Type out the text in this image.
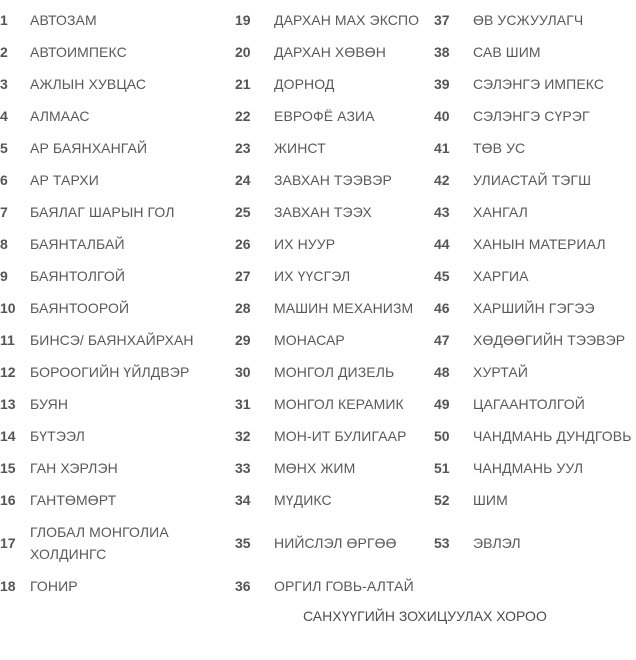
1	АВТОЗАМ	19	ДАРХАН МАХ ЭКСПО	37	ӨВ УСЖУУЛАГЧ
2	АВТОИМПЕКС	20	ДАРХАН ХӨВӨН	38	САВ ШИМ
3	АЖЛЫН ХУВЦАС	21	ДОРНОД	39	СЭЛЭНГЭ ИМПЕКС
4	АЛМААС	22	ЕВРОФЁ АЗИА	40	СЭЛЭНГЭ СҮРЭГ
5	АР БАЯНХАНГАЙ	23	ЖИНСТ	41	ТӨВ УС
6	АР ТАРХИ	24	ЗАВХАН ТЭЭВЭР	42	УЛИАСТАЙ ТЭГШ
7	БАЯЛАГ ШАРЫН ГОЛ	25	ЗАВХАН ТЭЭХ	43	ХАНГАЛ
8	БАЯНТАЛБАЙ	26	ИХ НУУР	44	ХАНЫН МАТЕРИАЛ
9	БАЯНТОЛГОЙ	27	ИХ ҮҮСГЭЛ	45	ХАРГИА
10	БАЯНТООРОЙ	28	МАШИН МЕХАНИЗМ	46	ХАРШИЙН ГЭГЭЭ
11	БИНСЭ/ БАЯНХАЙРХАН	29	МОНАСАР	47	ХӨДӨӨГИЙН ТЭЭВЭР
12	БОРООГИЙН ҮЙЛДВЭР	30	МОНГОЛ ДИЗЕЛЬ	48	ХУРТАЙ
13	БУЯН	31	МОНГОЛ КЕРАМИК	49	ЦАГААНТОЛГОЙ
14	БҮТЭЭЛ	32	МОН-ИТ БУЛИГААР	50	ЧАНДМАНЬ ДУНДГОВЬ
15	ГАН ХЭРЛЭН	33	МӨНХ ЖИМ	51	ЧАНДМАНЬ УУЛ
16	ГАНТӨМӨРТ	34	МҮДИКС	52	ШИМ
17	ГЛОБАЛ МОНГОЛИА ХОЛДИНГС	35	НИЙСЛЭЛ ӨРГӨӨ	53	ЭВЛЭЛ
18	ГОНИР	36	ОРГИЛ ГОВЬ-АЛТАЙ		
САНХҮҮГИЙН ЗОХИЦУУЛАХ ХОРОО
